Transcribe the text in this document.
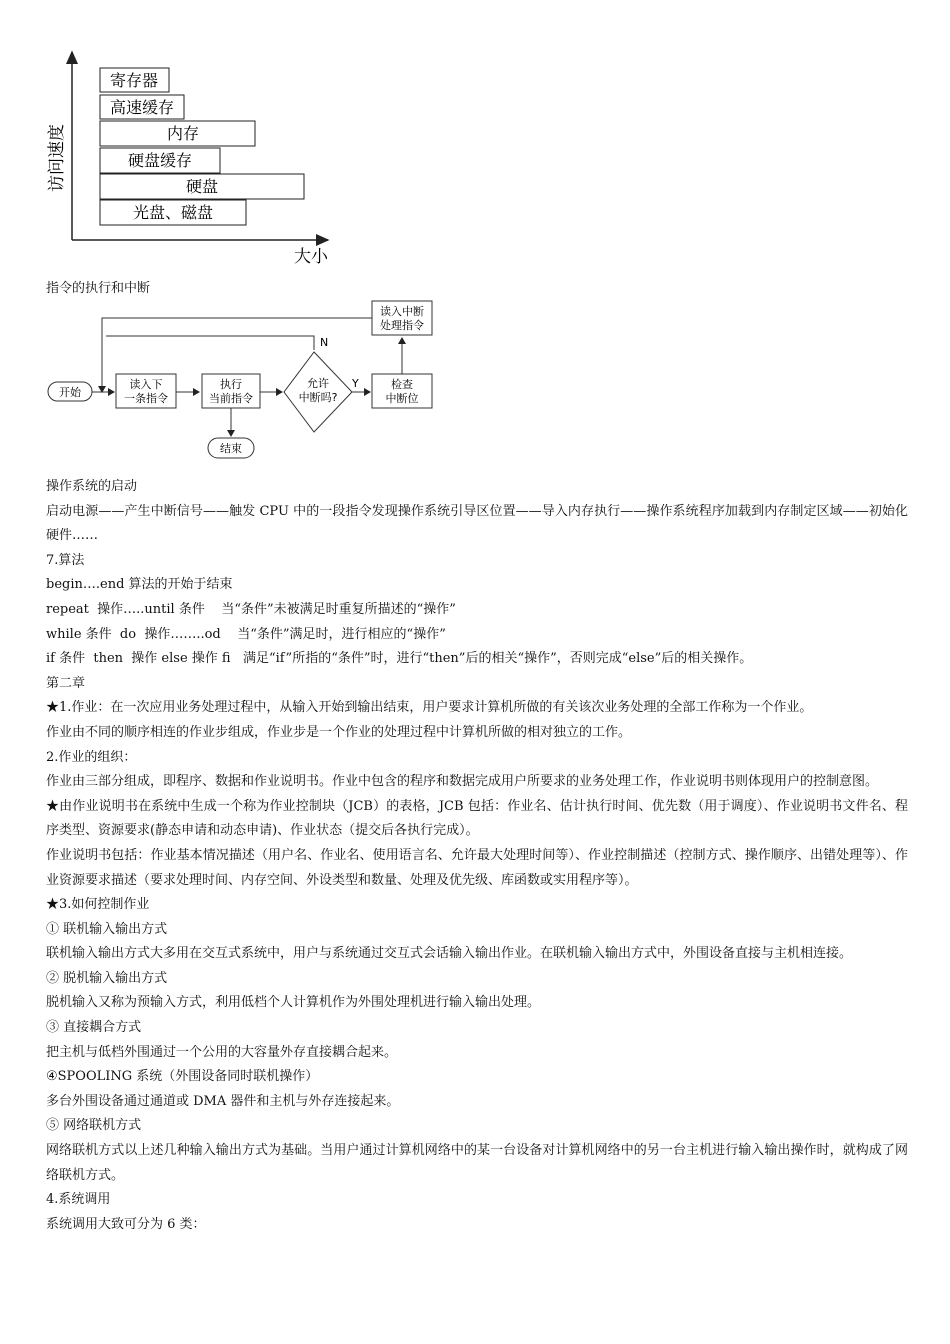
访问速度
大小
寄存器
高速缓存
内存
硬盘缓存
硬盘
光盘、磁盘
指令的执行和中断
开始
读入下
一条指令
执行
当前指令
允许
中断吗?
N
Y	检查
中断位
读入中断
处理指令
结束

操作系统的启动

启动电源——产生中断信号——触发 CPU 中的一段指令发现操作系统引导区位置——导入内存执行——操作系统程序加载到内存制定区域——初始化硬件……

7.算法

begin….end 算法的开始于结束

repeat  操作…..until 条件    当“条件”未被满足时重复所描述的“操作”

while 条件  do  操作……..od    当“条件”满足时，进行相应的“操作”

if 条件  then  操作 else 操作 fi   满足“if”所指的“条件”时，进行“then”后的相关“操作”，否则完成“else”后的相关操作。

第二章

★1.作业：在一次应用业务处理过程中，从输入开始到输出结束，用户要求计算机所做的有关该次业务处理的全部工作称为一个作业。

作业由不同的顺序相连的作业步组成，作业步是一个作业的处理过程中计算机所做的相对独立的工作。

2.作业的组织：

作业由三部分组成，即程序、数据和作业说明书。作业中包含的程序和数据完成用户所要求的业务处理工作，作业说明书则体现用户的控制意图。

★由作业说明书在系统中生成一个称为作业控制块（JCB）的表格，JCB 包括：作业名、估计执行时间、优先数（用于调度）、作业说明书文件名、程序类型、资源要求(静态申请和动态申请)、作业状态（提交后各执行完成）。

作业说明书包括：作业基本情况描述（用户名、作业名、使用语言名、允许最大处理时间等）、作业控制描述（控制方式、操作顺序、出错处理等）、作业资源要求描述（要求处理时间、内存空间、外设类型和数量、处理及优先级、库函数或实用程序等）。

★3.如何控制作业

① 联机输入输出方式

联机输入输出方式大多用在交互式系统中，用户与系统通过交互式会话输入输出作业。在联机输入输出方式中，外围设备直接与主机相连接。

② 脱机输入输出方式

脱机输入又称为预输入方式，利用低档个人计算机作为外围处理机进行输入输出处理。

③ 直接耦合方式

把主机与低档外围通过一个公用的大容量外存直接耦合起来。

④SPOOLING 系统（外围设备同时联机操作）

多台外围设备通过通道或 DMA 器件和主机与外存连接起来。

⑤ 网络联机方式

网络联机方式以上述几种输入输出方式为基础。当用户通过计算机网络中的某一台设备对计算机网络中的另一台主机进行输入输出操作时，就构成了网络联机方式。

4.系统调用

系统调用大致可分为 6 类：
